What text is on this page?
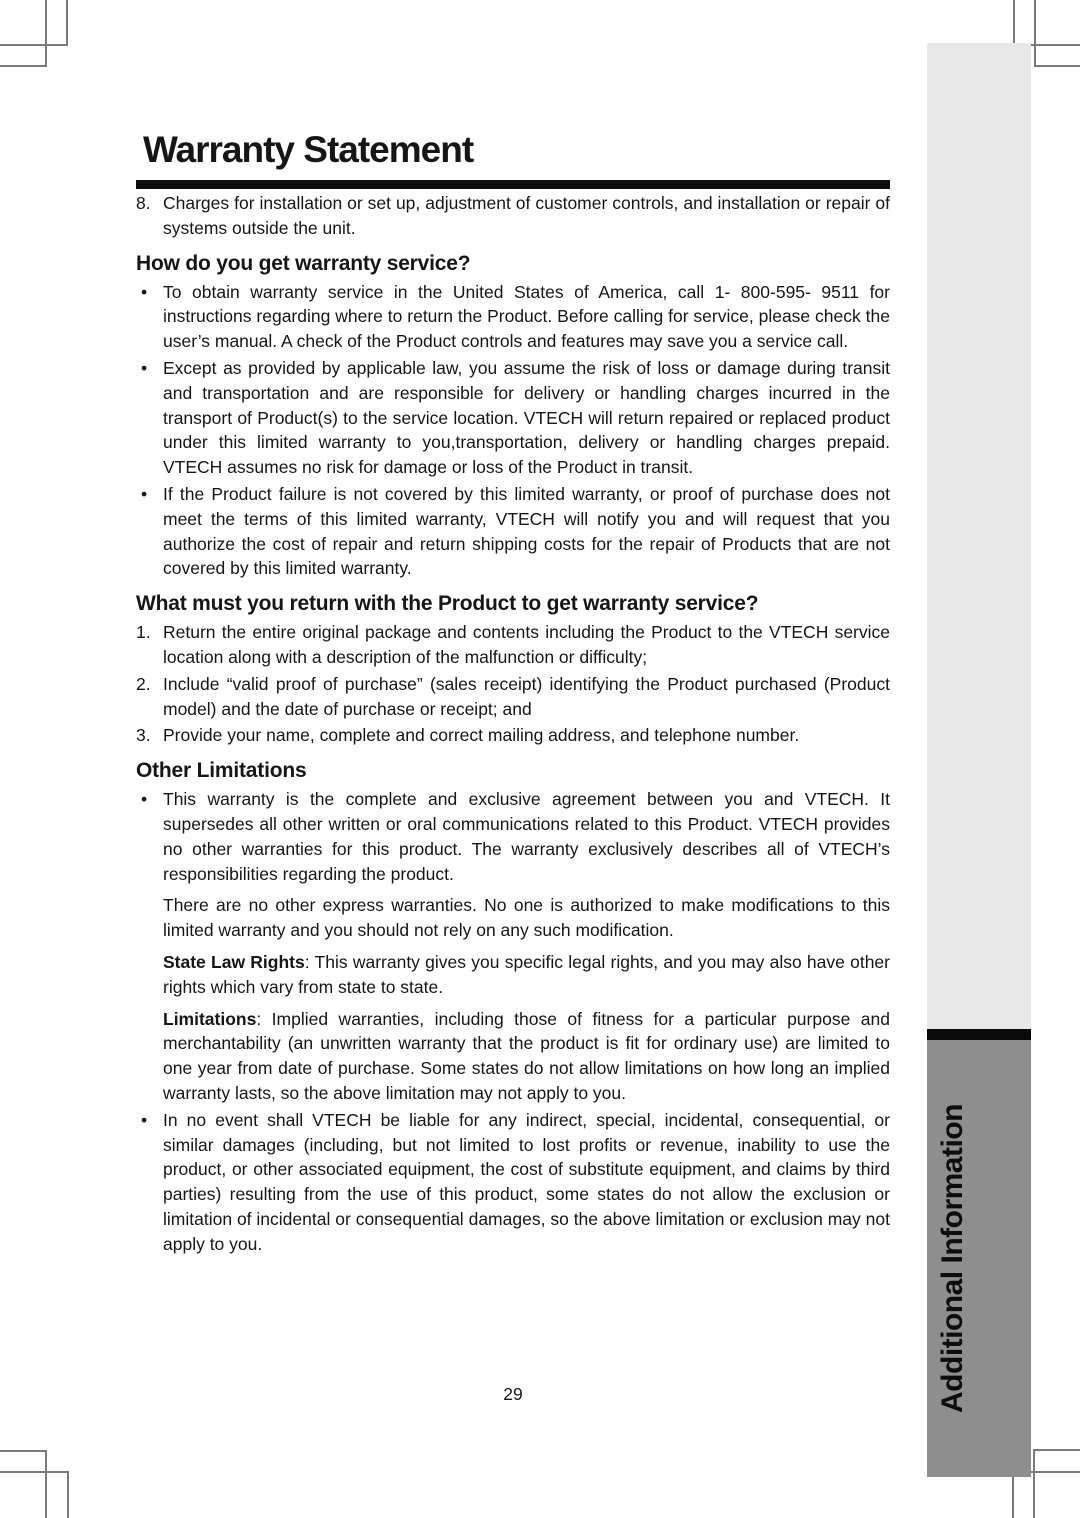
Additional Information
Warranty Statement
8. Charges for installation or set up, adjustment of customer controls, and installation or repair of systems outside the unit.
How do you get warranty service?
• To obtain warranty service in the United States of America, call 1- 800-595- 9511 for instructions regarding where to return the Product. Before calling for service, please check the user’s manual. A check of the Product controls and features may save you a service call.
• Except as provided by applicable law, you assume the risk of loss or damage during transit and transportation and are responsible for delivery or handling charges incurred in the transport of Product(s) to the service location. VTECH will return repaired or replaced product under this limited warranty to you,transportation, delivery or handling charges prepaid. VTECH assumes no risk for damage or loss of the Product in transit.
• If the Product failure is not covered by this limited warranty, or proof of purchase does not meet the terms of this limited warranty, VTECH will notify you and will request that you authorize the cost of repair and return shipping costs for the repair of Products that are not covered by this limited warranty.
What must you return with the Product to get warranty service?
1. Return the entire original package and contents including the Product to the VTECH service location along with a description of the malfunction or difficulty;
2. Include “valid proof of purchase” (sales receipt) identifying the Product purchased (Product model) and the date of purchase or receipt; and
3. Provide your name, complete and correct mailing address, and telephone number.
Other Limitations
• This warranty is the complete and exclusive agreement between you and VTECH. It supersedes all other written or oral communications related to this Product. VTECH provides no other warranties for this product. The warranty exclusively describes all of VTECH’s responsibilities regarding the product.
There are no other express warranties. No one is authorized to make modifications to this limited warranty and you should not rely on any such modification.
State Law Rights: This warranty gives you specific legal rights, and you may also have other rights which vary from state to state.
Limitations: Implied warranties, including those of fitness for a particular purpose and merchantability (an unwritten warranty that the product is fit for ordinary use) are limited to one year from date of purchase. Some states do not allow limitations on how long an implied warranty lasts, so the above limitation may not apply to you.
• In no event shall VTECH be liable for any indirect, special, incidental, consequential, or similar damages (including, but not limited to lost profits or revenue, inability to use the product, or other associated equipment, the cost of substitute equipment, and claims by third parties) resulting from the use of this product, some states do not allow the exclusion or limitation of incidental or consequential damages, so the above limitation or exclusion may not apply to you.
29
